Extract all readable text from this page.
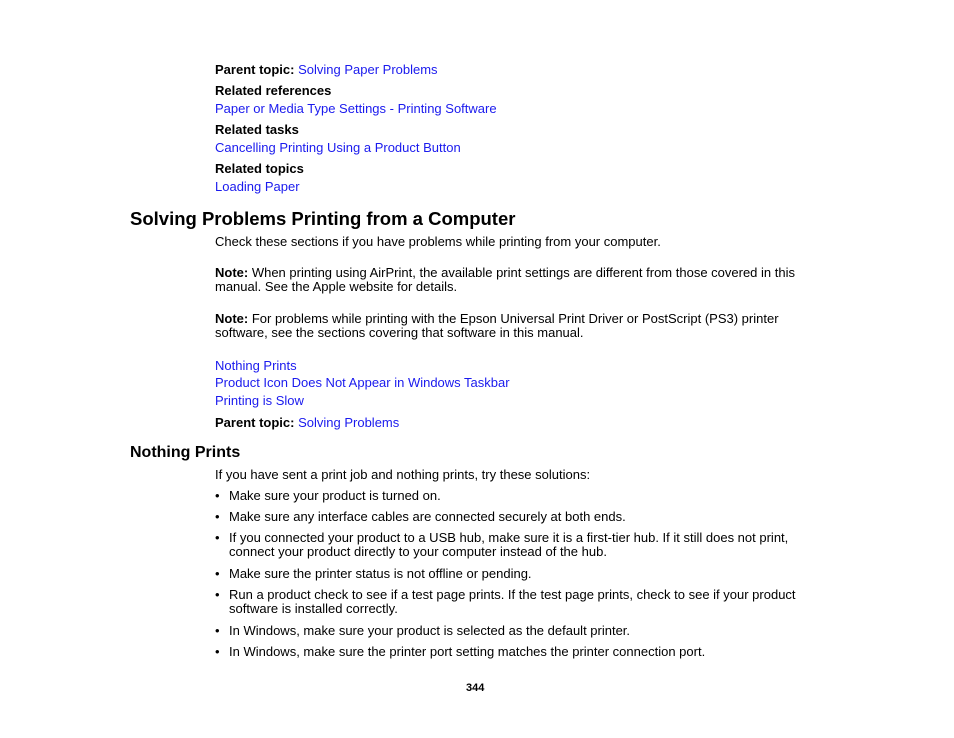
Parent topic: Solving Paper Problems
Related references
Paper or Media Type Settings - Printing Software
Related tasks
Cancelling Printing Using a Product Button
Related topics
Loading Paper
Solving Problems Printing from a Computer
Check these sections if you have problems while printing from your computer.
Note: When printing using AirPrint, the available print settings are different from those covered in this
manual. See the Apple website for details.
Note: For problems while printing with the Epson Universal Print Driver or PostScript (PS3) printer
software, see the sections covering that software in this manual.
Nothing Prints
Product Icon Does Not Appear in Windows Taskbar
Printing is Slow
Parent topic: Solving Problems
Nothing Prints
If you have sent a print job and nothing prints, try these solutions:
• Make sure your product is turned on.
• Make sure any interface cables are connected securely at both ends.
• If you connected your product to a USB hub, make sure it is a first-tier hub. If it still does not print,
connect your product directly to your computer instead of the hub.
• Make sure the printer status is not offline or pending.
• Run a product check to see if a test page prints. If the test page prints, check to see if your product
software is installed correctly.
• In Windows, make sure your product is selected as the default printer.
• In Windows, make sure the printer port setting matches the printer connection port.
344
